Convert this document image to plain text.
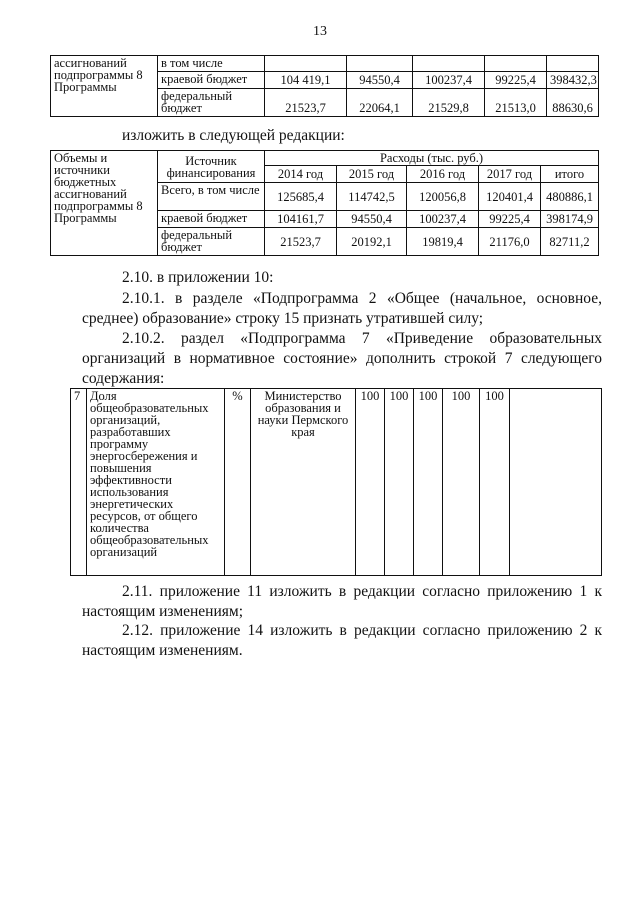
13
ассигнований подпрограммы 8 Программы	в том числе					
	краевой бюджет	104 419,1	94550,4	100237,4	99225,4	398432,3
	федеральный бюджет	21523,7	22064,1	21529,8	21513,0	88630,6
изложить в следующей редакции:
Объемы и источники бюджетных ассигнований подпрограммы 8 Программы	Источник финансирования	Расходы (тыс. руб.)				
		2014 год	2015 год	2016 год	2017 год	итого
	Всего, в том числе	125685,4	114742,5	120056,8	120401,4	480886,1
	краевой бюджет	104161,7	94550,4	100237,4	99225,4	398174,9
	федеральный бюджет	21523,7	20192,1	19819,4	21176,0	82711,2
2.10. в приложении 10:
2.10.1. в разделе «Подпрограмма 2 «Общее (начальное, основное, среднее) образование» строку 15 признать утратившей силу;
2.10.2. раздел «Подпрограмма 7 «Приведение образовательных организаций в нормативное состояние» дополнить строкой 7 следующего содержания:
7	Доля общеобразовательных организаций, разработавших программу энергосбережения и повышения эффективности использования энергетических ресурсов, от общего количества общеобразовательных организаций	%	Министерство образования и науки Пермского края	100	100	100	100	100	
2.11. приложение 11 изложить в редакции согласно приложению 1 к настоящим изменениям;
2.12. приложение 14 изложить в редакции согласно приложению 2 к настоящим изменениям.
